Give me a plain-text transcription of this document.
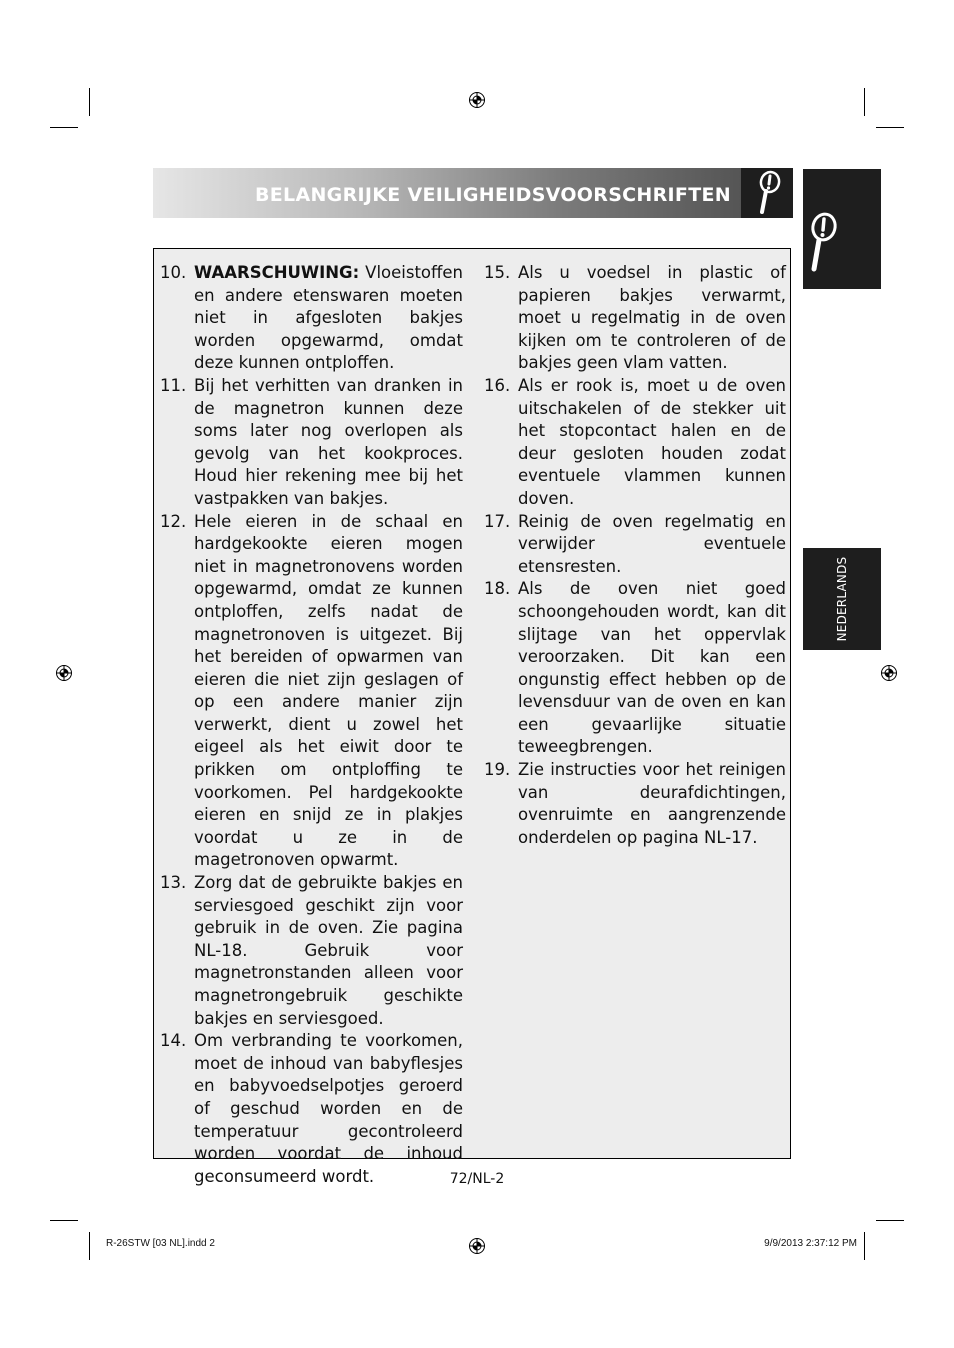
BELANGRIJKE VEILIGHEIDSVOORSCHRIFTEN
NEDERLANDS
10. WAARSCHUWING: Vloeistoffen en andere etenswaren moeten niet in afgesloten bakjes worden opgewarmd, omdat deze kunnen ontploffen.
11. Bij het verhitten van dranken in de magnetron kunnen deze soms later nog overlopen als gevolg van het kookproces. Houd hier rekening mee bij het vastpakken van bakjes.
12. Hele eieren in de schaal en hardgekookte eieren mogen niet in magnetronovens worden opgewarmd, omdat ze kunnen ontploffen, zelfs nadat de magnetronoven is uitgezet. Bij het bereiden of opwarmen van eieren die niet zijn geslagen of op een andere manier zijn verwerkt, dient u zowel het eigeel als het eiwit door te prikken om ontploffing te voorkomen. Pel hardgekookte eieren en snijd ze in plakjes voordat u ze in de magetronoven opwarmt.
13. Zorg dat de gebruikte bakjes en serviesgoed geschikt zijn voor gebruik in de oven. Zie pagina NL-18. Gebruik voor magnetronstanden alleen voor magnetrongebruik geschikte bakjes en serviesgoed.
14. Om verbranding te voorkomen, moet de inhoud van babyflesjes en babyvoedselpotjes geroerd of geschud worden en de temperatuur gecontroleerd worden voordat de inhoud geconsumeerd wordt.
15. Als u voedsel in plastic of papieren bakjes verwarmt, moet u regelmatig in de oven kijken om te controleren of de bakjes geen vlam vatten.
16. Als er rook is, moet u de oven uitschakelen of de stekker uit het stopcontact halen en de deur gesloten houden zodat eventuele vlammen kunnen doven.
17. Reinig de oven regelmatig en verwijder eventuele etensresten.
18. Als de oven niet goed schoongehouden wordt, kan dit slijtage van het oppervlak veroorzaken. Dit kan een ongunstig effect hebben op de levensduur van de oven en kan een gevaarlijke situatie teweegbrengen.
19. Zie instructies voor het reinigen van deurafdichtingen, ovenruimte en aangrenzende onderdelen op pagina NL-17.
72/NL-2
R-26STW [03 NL].indd 2	9/9/2013 2:37:12 PM
